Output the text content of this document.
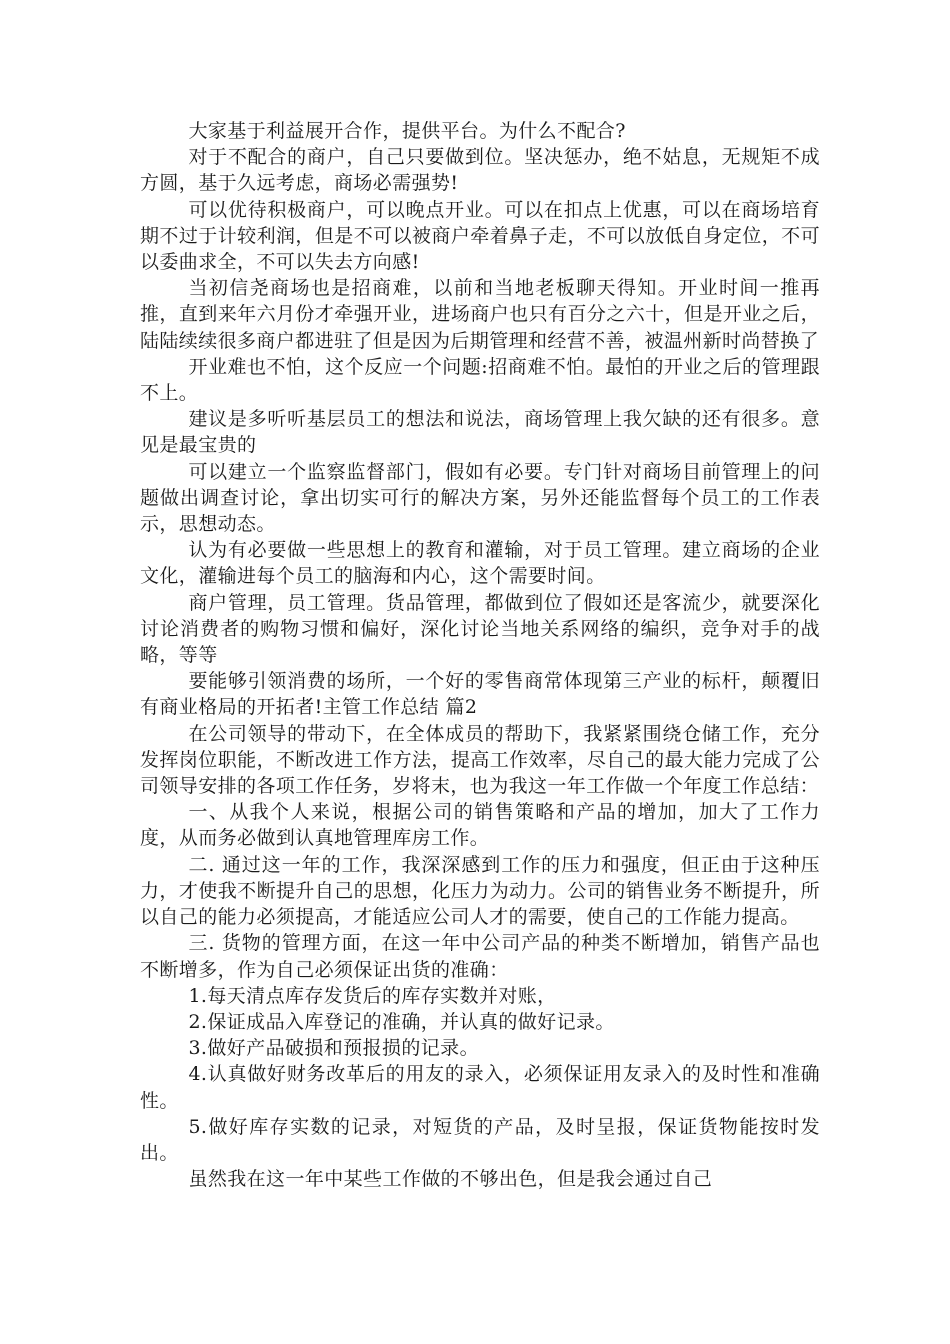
大家基于利益展开合作，提供平台。为什么不配合?

对于不配合的商户，自己只要做到位。坚决惩办，绝不姑息，无规矩不成方圆，基于久远考虑，商场必需强势!

可以优待积极商户，可以晚点开业。可以在扣点上优惠，可以在商场培育期不过于计较利润，但是不可以被商户牵着鼻子走，不可以放低自身定位，不可以委曲求全，不可以失去方向感!

当初信尧商场也是招商难，以前和当地老板聊天得知。开业时间一推再推，直到来年六月份才牵强开业，进场商户也只有百分之六十，但是开业之后，陆陆续续很多商户都进驻了但是因为后期管理和经营不善，被温州新时尚替换了

开业难也不怕，这个反应一个问题:招商难不怕。最怕的开业之后的管理跟不上。

建议是多听听基层员工的想法和说法，商场管理上我欠缺的还有很多。意见是最宝贵的

可以建立一个监察监督部门，假如有必要。专门针对商场目前管理上的问题做出调查讨论，拿出切实可行的解决方案，另外还能监督每个员工的工作表示，思想动态。

认为有必要做一些思想上的教育和灌输，对于员工管理。建立商场的企业文化，灌输进每个员工的脑海和内心，这个需要时间。

商户管理，员工管理。货品管理，都做到位了假如还是客流少，就要深化讨论消费者的购物习惯和偏好，深化讨论当地关系网络的编织，竞争对手的战略，等等

要能够引领消费的场所，一个好的零售商常体现第三产业的标杆，颠覆旧有商业格局的开拓者!主管工作总结 篇2

在公司领导的带动下，在全体成员的帮助下，我紧紧围绕仓储工作，充分发挥岗位职能，不断改进工作方法，提高工作效率，尽自己的最大能力完成了公司领导安排的各项工作任务，岁将末，也为我这一年工作做一个年度工作总结：

一、从我个人来说，根据公司的销售策略和产品的增加，加大了工作力度，从而务必做到认真地管理库房工作。

二. 通过这一年的工作，我深深感到工作的压力和强度，但正由于这种压力，才使我不断提升自己的思想，化压力为动力。公司的销售业务不断提升，所以自己的能力必须提高，才能适应公司人才的需要，使自己的工作能力提高。

三. 货物的管理方面，在这一年中公司产品的种类不断增加，销售产品也不断增多，作为自己必须保证出货的准确：

1.每天清点库存发货后的库存实数并对账，

2.保证成品入库登记的准确，并认真的做好记录。

3.做好产品破损和预报损的记录。

4.认真做好财务改革后的用友的录入，必须保证用友录入的及时性和准确性。

5.做好库存实数的记录，对短货的产品，及时呈报，保证货物能按时发出。

虽然我在这一年中某些工作做的不够出色，但是我会通过自己
